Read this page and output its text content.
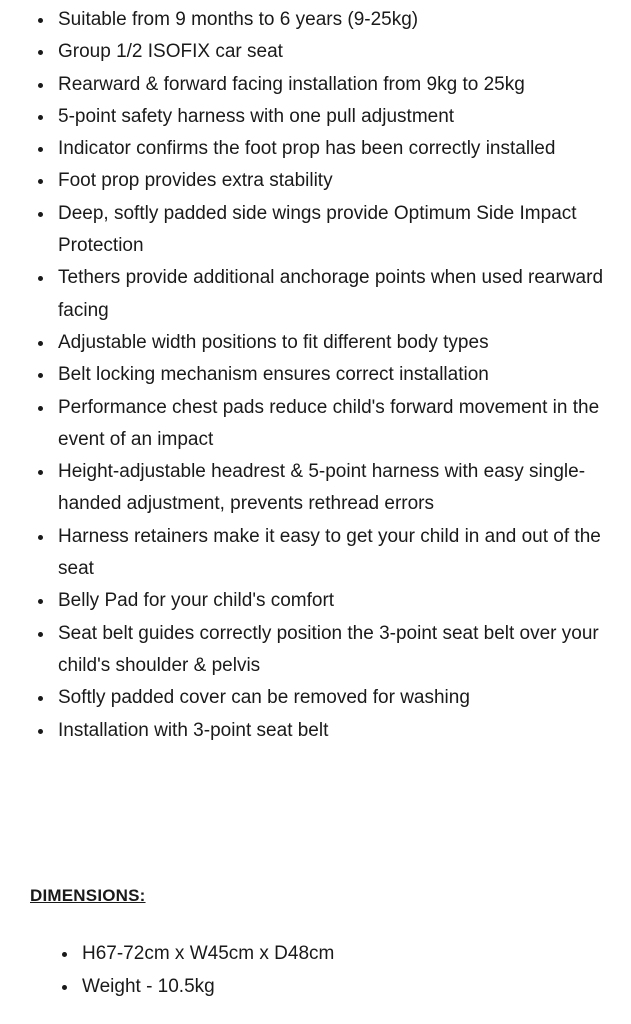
Suitable from 9 months to 6 years (9-25kg)
Group 1/2 ISOFIX car seat
Rearward & forward facing installation from 9kg to 25kg
5-point safety harness with one pull adjustment
Indicator confirms the foot prop has been correctly installed
Foot prop provides extra stability
Deep, softly padded side wings provide Optimum Side Impact Protection
Tethers provide additional anchorage points when used rearward facing
Adjustable width positions to fit different body types
Belt locking mechanism ensures correct installation
Performance chest pads reduce child's forward movement in the event of an impact
Height-adjustable headrest & 5-point harness with easy single-handed adjustment, prevents rethread errors
Harness retainers make it easy to get your child in and out of the seat
Belly Pad for your child's comfort
Seat belt guides correctly position the 3-point seat belt over your child's shoulder & pelvis
Softly padded cover can be removed for washing
Installation with 3-point seat belt
DIMENSIONS:
H67-72cm x W45cm x D48cm
Weight - 10.5kg
